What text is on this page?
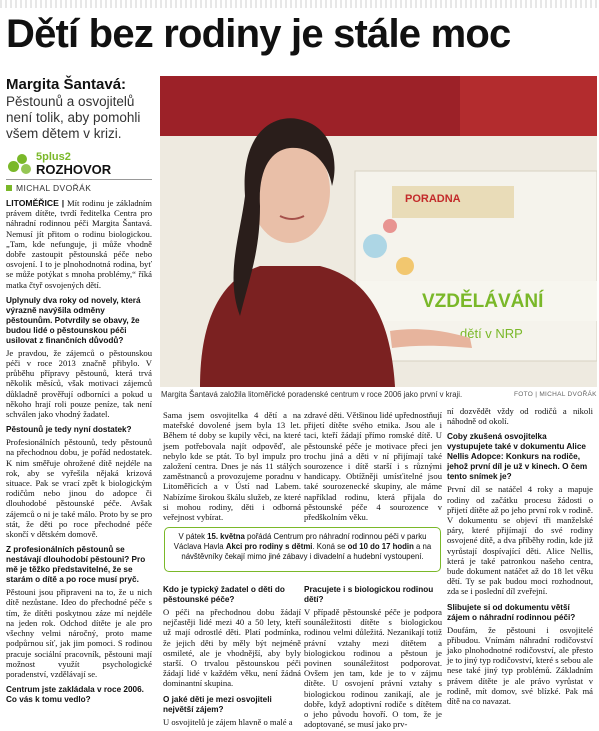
Dětí bez rodiny je stále moc
Margita Šantavá:
Pěstounů a osvojitelů není tolik, aby pomohli všem dětem v krizi.
5plus2
ROZHOVOR
MICHAL DVOŘÁK

LITOMĚŘICE | Mít rodinu je základním právem dítěte, tvrdí ředitelka Centra pro náhradní rodinnou péči Margita Šantavá. Nemusí jít přitom o rodinu biologickou. „Tam, kde nefunguje, ji může vhodně dobře zastoupit pěstounská péče nebo osvojení. I to je plnohodnotná rodina, byť se může potýkat s mnoha problémy,“ říká matka čtyř osvojených dětí.

Uplynuly dva roky od novely, která výrazně navýšila odměny pěstounům. Potvrdily se obavy, že budou lidé o pěstounskou péči usilovat z finančních důvodů?

Je pravdou, že zájemců o pěstounskou péči v roce 2013 značně přibylo. V průběhu přípravy pěstounů, která trvá několik měsíců, však motivaci zájemců důkladně prověřují odborníci a pokud u někoho hrají roli pouze peníze, tak není schválen jako vhodný žadatel.

Pěstounů je tedy nyní dostatek?

Profesionálních pěstounů, tedy pěstounů na přechodnou dobu, je pořád nedostatek. K nim směřuje ohrožené dítě nejdéle na rok, aby se vyřešila nějaká krizová situace. Pak se vrací zpět k biologickým rodičům nebo jinou do adopce či dlouhodobé pěstounské péče. Avšak zájemců o ni je také málo. Proto by se pro stát, že děti po roce přechodné péče skončí v dětském domově.

Z profesionálních pěstounů se nestávají dlouhodobí pěstouni? Pro mě je těžko představitelné, že se starám o dítě a po roce musí pryč.

Pěstouni jsou připraveni na to, že u nich dítě nezůstane. Ideo do přechodné péče s tím, že dítěti poskytnou záze mí nejdéle na jeden rok. Odchod dítěte je ale pro všechny velmi náročný, proto mame podpůrnou síť, jak jim pomoci. S rodinou pracuje sociální pracovník, pěstouni mají možnost využít psychologické poradenství, vzdělávají se.

Centrum jste zakládala v roce 2006. Co vás k tomu vedlo?
PORADNA
VZDĚLÁVÁNÍ
dětí v NRP
Margita Šantavá založila litoměřické poradenské centrum v roce 2006 jako první v kraji.	FOTO | MICHAL DVOŘÁK

Sama jsem osvojitelka 4 dětí a na mateřské dovolené jsem byla 13 let. Během té doby se kupily věci, na které jsem potřebovala najít odpověď, ale nebylo kde se ptát. To byl impulz pro založení centra. Dnes je nás 11 stálých zaměstnanců a provozujeme poradnu v Litoměřicích a v Ústí nad Labem. Nabízíme širokou škálu služeb, ze které si mohou rodiny, děti i odborná veřejnost vybírat.

zdravé děti. Většinou lidé upřednostňují přijetí dítěte svého etnika. Jsou ale i taci, kteří žádají přímo romské dítě. U pěstounské péče je motivace přeci jen trochu jiná a děti v ní přijímají také sourozence i dítě starší i s různými handicapy. Obtížněji umísťitelné jsou také sourozenecké skupiny, ale máme například rodinu, která přijala do pěstounské péče 4 sourozence v předškolním věku.

V pátek 15. května pořádá Centrum pro náhradní rodinnou péči v parku Václava Havla Akci pro rodiny s dětmi. Koná se od 10 do 17 hodin a na návštěvníky čekají mimo jiné zábavy i divadelní a hudební vystoupení.
Kdo je typický žadatel o děti do pěstounské péče?

O péči na přechodnou dobu žádají nejčastěji lidé mezi 40 a 50 lety, kteří už mají odrostlé děti. Platí podmínka, že jejich děti by měly být nejméně osmileté, ale je vhodnější, aby byly starší. O trvalou pěstounskou péči žádají lidé v každém věku, není žádná dominantní skupina.

O jaké děti je mezi osvojiteli největší zájem?

U osvojitelů je zájem hlavně o malé a

Pracujete i s biologickou rodinou dětí?

V případě pěstounské péče je podpora sounáležitosti dítěte s biologickou rodinou velmi důležitá. Nezanikají totiž právní vztahy mezi dítětem a biologickou rodinou a pěstoun je povinen sounáležitost podporovat. Ovšem jen tam, kde je to v zájmu dítěte. U osvojení právní vztahy s biologickou rodinou zanikají, ale je dobře, když adoptivní rodiče s dítětem o jeho původu hovoří. O tom, že je adoptované, se musí jako prv-

ní dozvědět vždy od rodičů a nikoli náhodně od okolí.

Coby zkušená osvojitelka vystupujete také v dokumentu Alice Nellis Adopce: Konkurs na rodiče, jehož první díl je už v kinech. O čem tento snímek je?

První díl se natáčel 4 roky a mapuje rodiny od začátku procesu žádosti o přijetí dítěte až po jeho první rok v rodině. V dokumentu se objeví tři manželské páry, které přijímají do své rodiny osvojené dítě, a dva příběhy rodin, kde již vyrůstají dospívající děti. Alice Nellis, která je také patronkou našeho centra, bude dokument natáčet až do 18 let věku dětí. Ty se pak budou moci rozhodnout, zda se i poslední díl zveřejní.

Slibujete si od dokumentu větší zájem o náhradní rodinnou péči?

Doufám, že pěstouni i osvojitelé přibudou. Vnímám náhradní rodičovství jako plnohodnotné rodičovství, ale přesto je to jiný typ rodičovství, které s sebou ale nese také jiný typ problémů. Základním právem dítěte je ale právo vyrůstat v rodině, mít domov, své blízké. Pak má dítě na co navazat.
